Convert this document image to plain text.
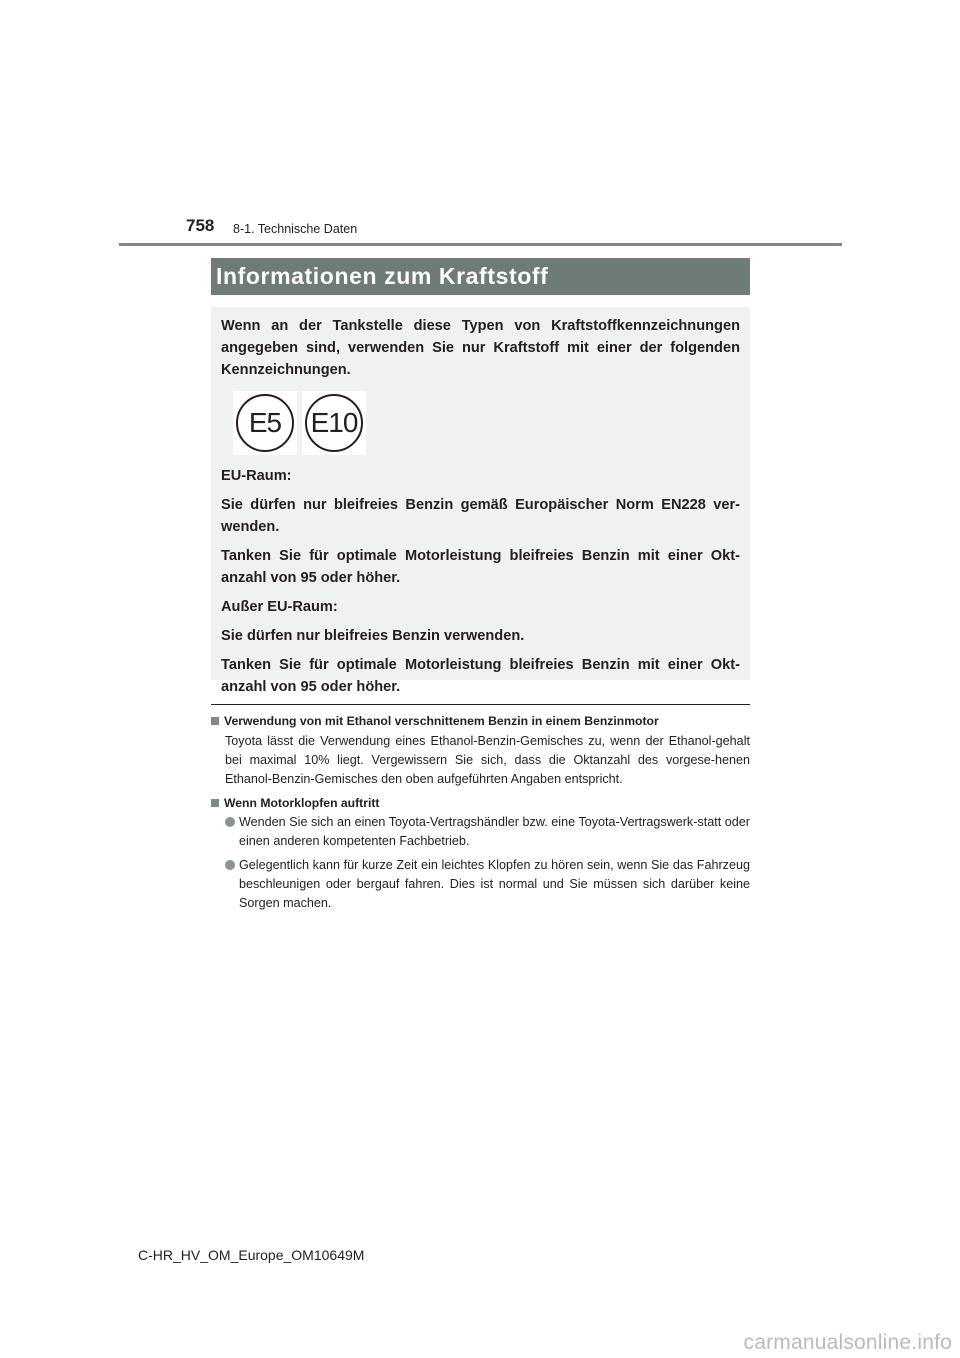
758 8-1. Technische Daten
Informationen zum Kraftstoff

Wenn an der Tankstelle diese Typen von Kraftstoffkennzeichnungen angegeben sind, verwenden Sie nur Kraftstoff mit einer der folgenden Kennzeichnungen.

E5	E10

EU-Raum:

Sie dürfen nur bleifreies Benzin gemäß Europäischer Norm EN228 ver-wenden.

Tanken Sie für optimale Motorleistung bleifreies Benzin mit einer Okt-anzahl von 95 oder höher.

Außer EU-Raum:

Sie dürfen nur bleifreies Benzin verwenden.

Tanken Sie für optimale Motorleistung bleifreies Benzin mit einer Okt-anzahl von 95 oder höher.

Verwendung von mit Ethanol verschnittenem Benzin in einem Benzinmotor
Toyota lässt die Verwendung eines Ethanol-Benzin-Gemisches zu, wenn der Ethanol-gehalt bei maximal 10% liegt. Vergewissern Sie sich, dass die Oktanzahl des vorgese-henen Ethanol-Benzin-Gemisches den oben aufgeführten Angaben entspricht.
Wenn Motorklopfen auftritt
Wenden Sie sich an einen Toyota-Vertragshändler bzw. eine Toyota-Vertragswerk-statt oder einen anderen kompetenten Fachbetrieb.
Gelegentlich kann für kurze Zeit ein leichtes Klopfen zu hören sein, wenn Sie das Fahrzeug beschleunigen oder bergauf fahren. Dies ist normal und Sie müssen sich darüber keine Sorgen machen.
C-HR_HV_OM_Europe_OM10649M
carmanualsonline.info
